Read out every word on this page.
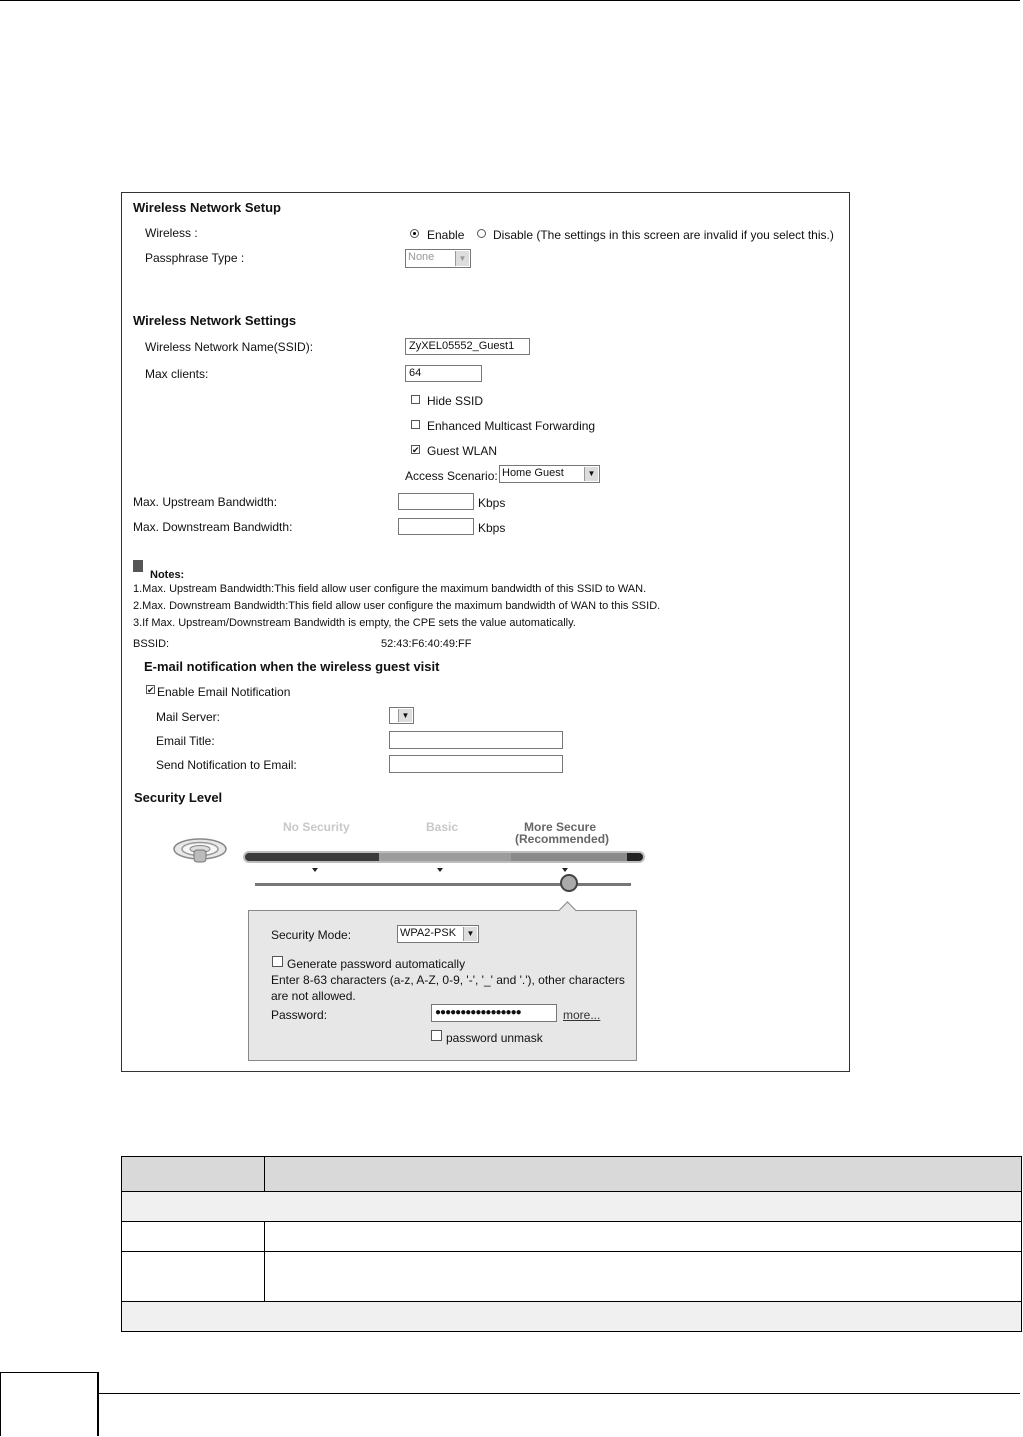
Wireless Network Setup
Wireless :	Enable Disable (The settings in this screen are invalid if you select this.)
Passphrase Type :	None	▼
Wireless Network Settings
Wireless Network Name(SSID):	ZyXEL05552_Guest1
Max clients:	64
Hide SSID
Enhanced Multicast Forwarding
✔ Guest WLAN
Access Scenario: Home Guest	▼
Max. Upstream Bandwidth:	Kbps
Max. Downstream Bandwidth:	Kbps
Notes:
1.Max. Upstream Bandwidth:This field allow user configure the maximum bandwidth of this SSID to WAN.
2.Max. Downstream Bandwidth:This field allow user configure the maximum bandwidth of WAN to this SSID.
3.If Max. Upstream/Downstream Bandwidth is empty, the CPE sets the value automatically.
BSSID:	52:43:F6:40:49:FF
E-mail notification when the wireless guest visit
✔ Enable Email Notification
Mail Server:	▼
Email Title:
Send Notification to Email:
Security Level
No Security	Basic	More Secure
(Recommended)
Security Mode:	WPA2-PSK	▼
Generate password automatically
Enter 8-63 characters (a-z, A-Z, 0-9, '-', '_' and '.'), other characters
are not allowed.
Password:	●●●●●●●●●●●●●●●●●	more...
password unmask
